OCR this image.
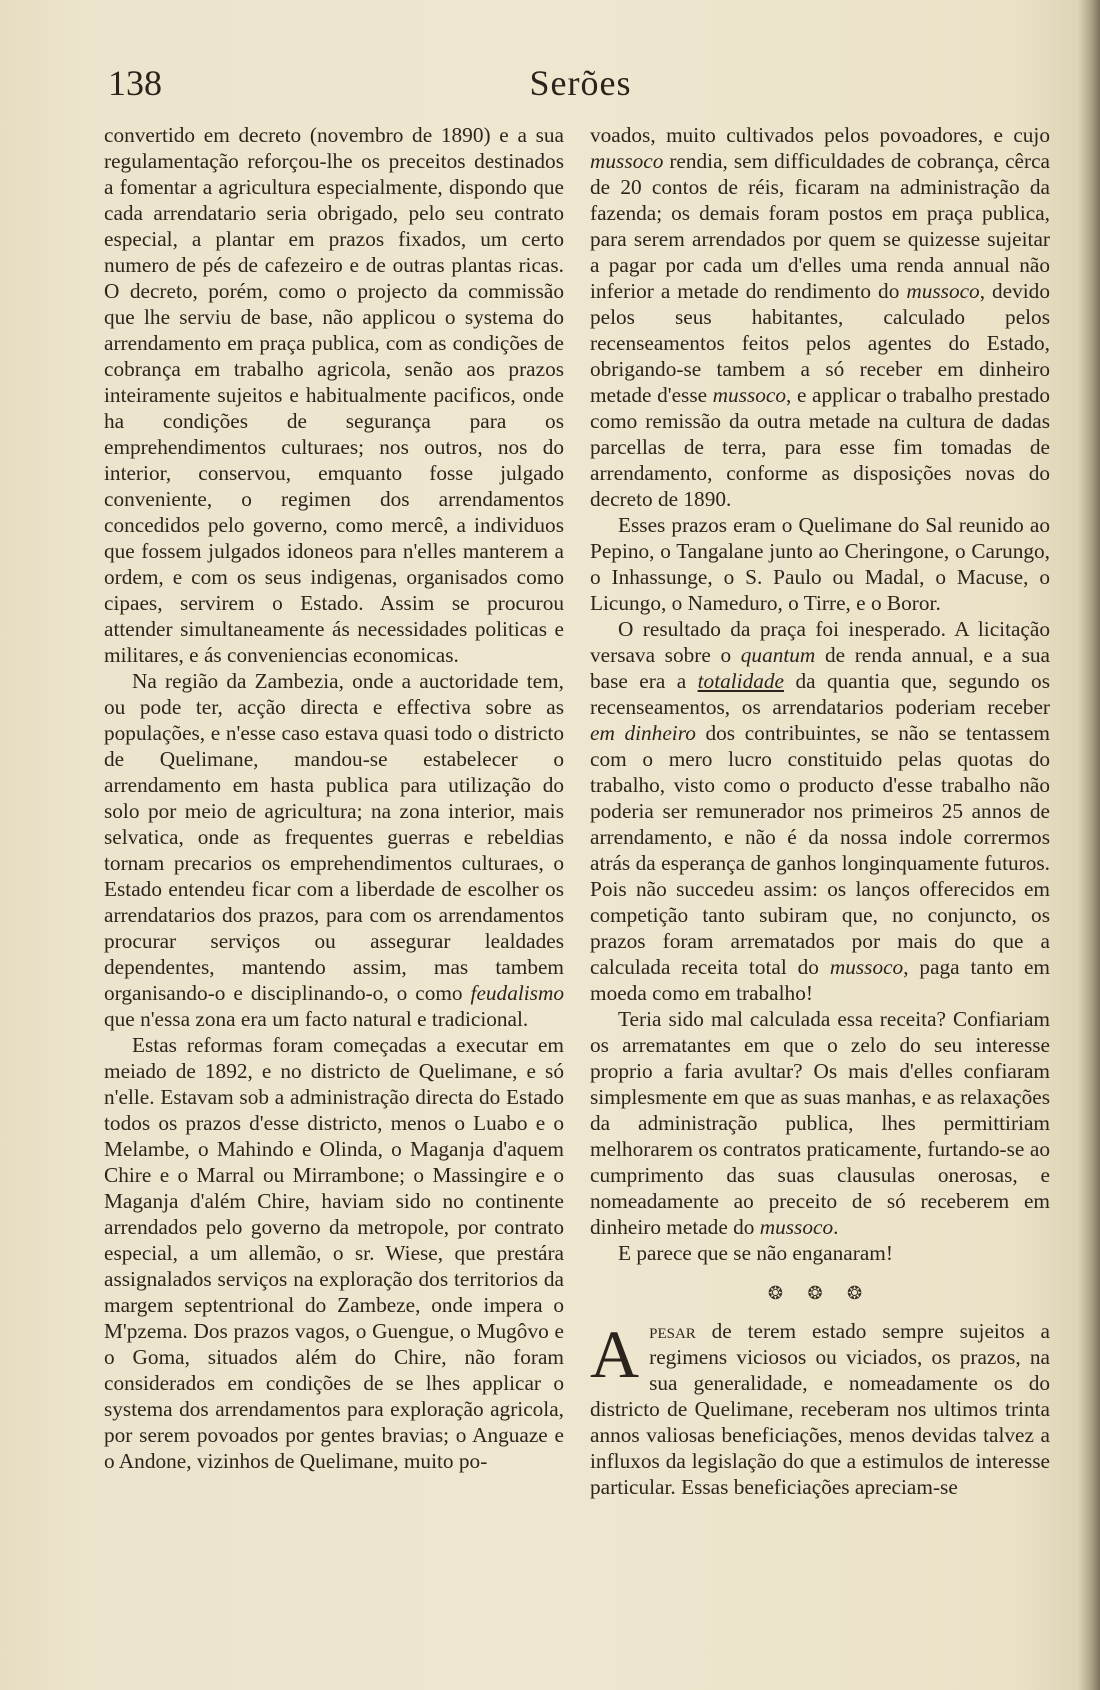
138	Serões

convertido em decreto (novembro de 1890) e a sua regulamentação reforçou-lhe os preceitos destinados a fomentar a agricultura especialmente, dispondo que cada arrendatario seria obrigado, pelo seu contrato especial, a plantar em prazos fixados, um certo numero de pés de cafezeiro e de outras plantas ricas. O decreto, porém, como o projecto da commissão que lhe serviu de base, não applicou o systema do arrendamento em praça publica, com as condições de cobrança em trabalho agricola, senão aos prazos inteiramente sujeitos e habitualmente pacificos, onde ha condições de segurança para os emprehendimentos culturaes; nos outros, nos do interior, conservou, emquanto fosse julgado conveniente, o regimen dos arrendamentos concedidos pelo governo, como mercê, a individuos que fossem julgados idoneos para n'elles manterem a ordem, e com os seus indigenas, organisados como cipaes, servirem o Estado. Assim se procurou attender simultaneamente ás necessidades politicas e militares, e ás conveniencias economicas.

Na região da Zambezia, onde a auctoridade tem, ou pode ter, acção directa e effectiva sobre as populações, e n'esse caso estava quasi todo o districto de Quelimane, mandou-se estabelecer o arrendamento em hasta publica para utilização do solo por meio de agricultura; na zona interior, mais selvatica, onde as frequentes guerras e rebeldias tornam precarios os emprehendimentos culturaes, o Estado entendeu ficar com a liberdade de escolher os arrendatarios dos prazos, para com os arrendamentos procurar serviços ou assegurar lealdades dependentes, mantendo assim, mas tambem organisando-o e disciplinando-o, o como feudalismo que n'essa zona era um facto natural e tradicional.

Estas reformas foram começadas a executar em meiado de 1892, e no districto de Quelimane, e só n'elle. Estavam sob a administração directa do Estado todos os prazos d'esse districto, menos o Luabo e o Melambe, o Mahindo e Olinda, o Maganja d'aquem Chire e o Marral ou Mirrambone; o Massingire e o Maganja d'além Chire, haviam sido no continente arrendados pelo governo da metropole, por contrato especial, a um allemão, o sr. Wiese, que prestára assignalados serviços na exploração dos territorios da margem septentrional do Zambeze, onde impera o M'pzema. Dos prazos vagos, o Guengue, o Mugôvo e o Goma, situados além do Chire, não foram considerados em condições de se lhes applicar o systema dos arrendamentos para exploração agricola, por serem povoados por gentes bravias; o Anguaze e o Andone, vizinhos de Quelimane, muito po-

voados, muito cultivados pelos povoadores, e cujo mussoco rendia, sem difficuldades de cobrança, cêrca de 20 contos de réis, ficaram na administração da fazenda; os demais foram postos em praça publica, para serem arrendados por quem se quizesse sujeitar a pagar por cada um d'elles uma renda annual não inferior a metade do rendimento do mussoco, devido pelos seus habitantes, calculado pelos recenseamentos feitos pelos agentes do Estado, obrigando-se tambem a só receber em dinheiro metade d'esse mussoco, e applicar o trabalho prestado como remissão da outra metade na cultura de dadas parcellas de terra, para esse fim tomadas de arrendamento, conforme as disposições novas do decreto de 1890.

Esses prazos eram o Quelimane do Sal reunido ao Pepino, o Tangalane junto ao Cheringone, o Carungo, o Inhassunge, o S. Paulo ou Madal, o Macuse, o Licungo, o Nameduro, o Tirre, e o Boror.

O resultado da praça foi inesperado. A licitação versava sobre o quantum de renda annual, e a sua base era a totalidade da quantia que, segundo os recenseamentos, os arrendatarios poderiam receber em dinheiro dos contribuintes, se não se tentassem com o mero lucro constituido pelas quotas do trabalho, visto como o producto d'esse trabalho não poderia ser remunerador nos primeiros 25 annos de arrendamento, e não é da nossa indole corrermos atrás da esperança de ganhos longinquamente futuros. Pois não succedeu assim: os lanços offerecidos em competição tanto subiram que, no conjuncto, os prazos foram arrematados por mais do que a calculada receita total do mussoco, paga tanto em moeda como em trabalho!

Teria sido mal calculada essa receita? Confiariam os arrematantes em que o zelo do seu interesse proprio a faria avultar? Os mais d'elles confiaram simplesmente em que as suas manhas, e as relaxações da administração publica, lhes permittiriam melhorarem os contratos praticamente, furtando-se ao cumprimento das suas clausulas onerosas, e nomeadamente ao preceito de só receberem em dinheiro metade do mussoco.

E parece que se não enganaram!

❂ ❂ ❂

Apesar de terem estado sempre sujeitos a regimens viciosos ou viciados, os prazos, na sua generalidade, e nomeadamente os do districto de Quelimane, receberam nos ultimos trinta annos valiosas beneficiações, menos devidas talvez a influxos da legislação do que a estimulos de interesse particular. Essas beneficiações apreciam-se
